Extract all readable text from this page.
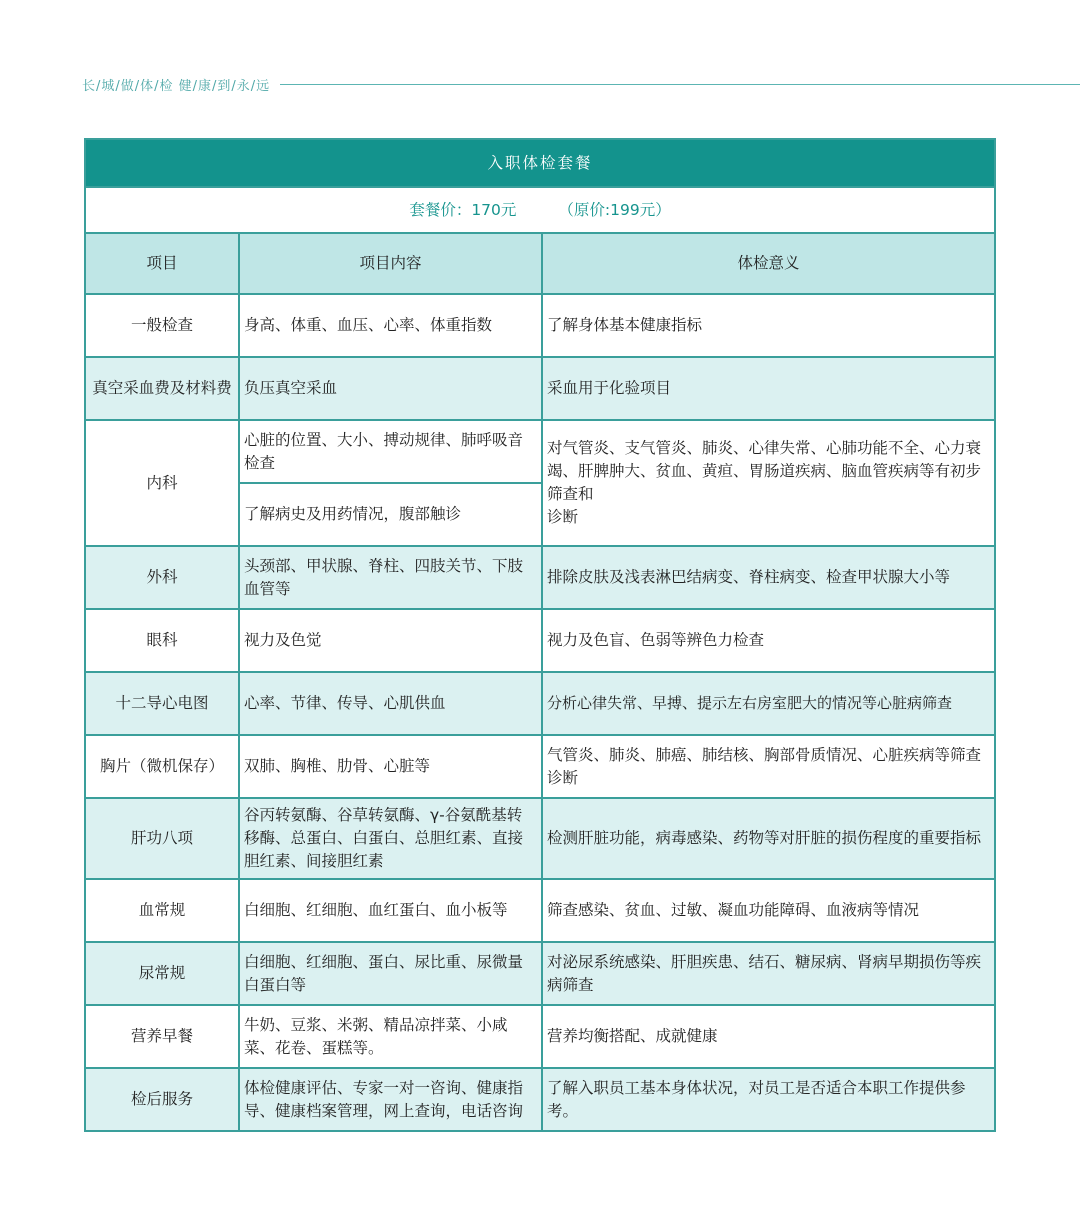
长/城/做/体/检 健/康/到/永/远
入职体检套餐		
套餐价：170元 （原价:199元）		
项目	项目内容	体检意义
一般检查	身高、体重、血压、心率、体重指数	了解身体基本健康指标
真空采血费及材料费	负压真空采血	采血用于化验项目
内科	心脏的位置、大小、搏动规律、肺呼吸音检查	对气管炎、支气管炎、肺炎、心律失常、心肺功能不全、心力衰竭、肝脾肿大、贫血、黄疸、胃肠道疾病、脑血管疾病等有初步筛查和
诊断
	了解病史及用药情况，腹部触诊	
外科	头颈部、甲状腺、脊柱、四肢关节、下肢血管等	排除皮肤及浅表淋巴结病变、脊柱病变、检查甲状腺大小等
眼科	视力及色觉	视力及色盲、色弱等辨色力检查
十二导心电图	心率、节律、传导、心肌供血	分析心律失常、早搏、提示左右房室肥大的情况等心脏病筛查
胸片（微机保存）	双肺、胸椎、肋骨、心脏等	气管炎、肺炎、肺癌、肺结核、胸部骨质情况、心脏疾病等筛查诊断
肝功八项	谷丙转氨酶、谷草转氨酶、γ-谷氨酰基转移酶、总蛋白、白蛋白、总胆红素、直接胆红素、间接胆红素	检测肝脏功能，病毒感染、药物等对肝脏的损伤程度的重要指标
血常规	白细胞、红细胞、血红蛋白、血小板等	筛查感染、贫血、过敏、凝血功能障碍、血液病等情况
尿常规	白细胞、红细胞、蛋白、尿比重、尿微量白蛋白等	对泌尿系统感染、肝胆疾患、结石、糖尿病、肾病早期损伤等疾病筛查
营养早餐	牛奶、豆浆、米粥、精品凉拌菜、小咸菜、花卷、蛋糕等。	营养均衡搭配、成就健康
检后服务	体检健康评估、专家一对一咨询、健康指导、健康档案管理，网上查询，电话咨询	了解入职员工基本身体状况，对员工是否适合本职工作提供参考。
